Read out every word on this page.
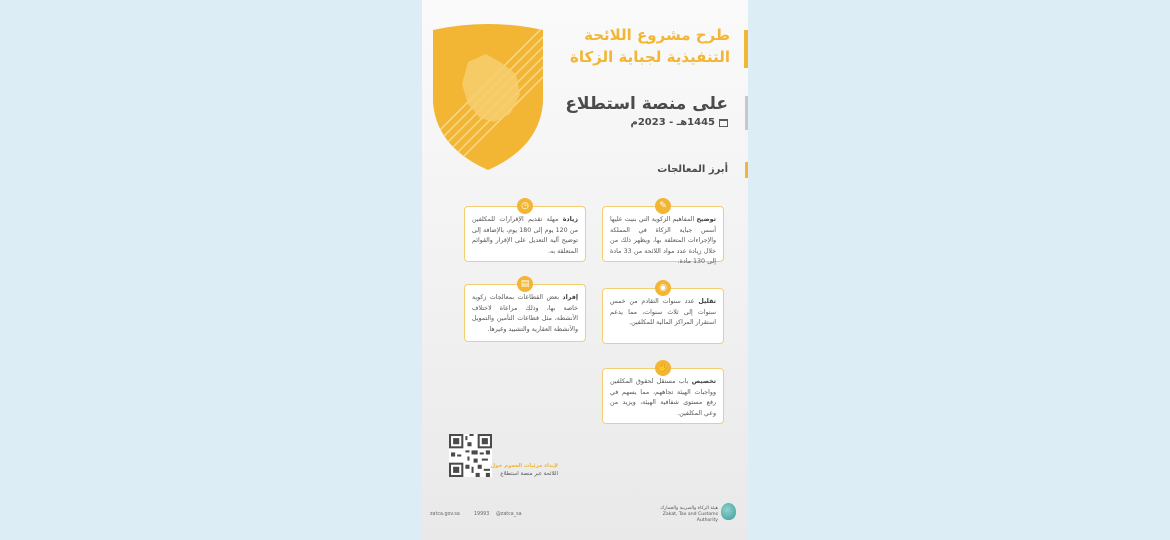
طرح مشروع اللائحة
التنفيذية لجباية الزكاة
على منصة استطلاع
1445هـ - 2023م
أبرز المعالجات
✎
توضيح المفاهيم الزكوية التي بنيت عليها أسس جباية الزكاة في المملكة والإجراءات المتعلقة بها، ويظهر ذلك من خلال زيادة عدد مواد اللائحة من 33 مادة إلى 130 مادة.
◷
زيادة مهلة تقديم الإقرارات للمكلفين من 120 يوم إلى 180 يوم، بالإضافة إلى توضيح آلية التعديل على الإقرار والقوائم المتعلقة به.
◉
تقليل عدد سنوات التقادم من خمس سنوات إلى ثلاث سنوات، مما يدعم استقرار المراكز المالية للمكلفين.
▤
إفراد بعض القطاعات بمعالجات زكوية خاصة بها، وذلك مراعاة لاختلاف الأنشطة، مثل قطاعات التأمين والتمويل والأنشطة العقارية والتشييد وغيرها.
✋
تخصيص باب مستقل لحقوق المكلفين وواجبات الهيئة تجاههم، مما يسهم في رفع مستوى شفافية الهيئة، ويزيد من وعي المكلفين.
لإبداء مرئيات العموم حول
اللائحة عبر منصة استطلاع
zatca.gov.sa	19993 @zatca_sa
هيئة الزكاة والضريبة والجمارك
Zakat, Tax and Customs Authority
